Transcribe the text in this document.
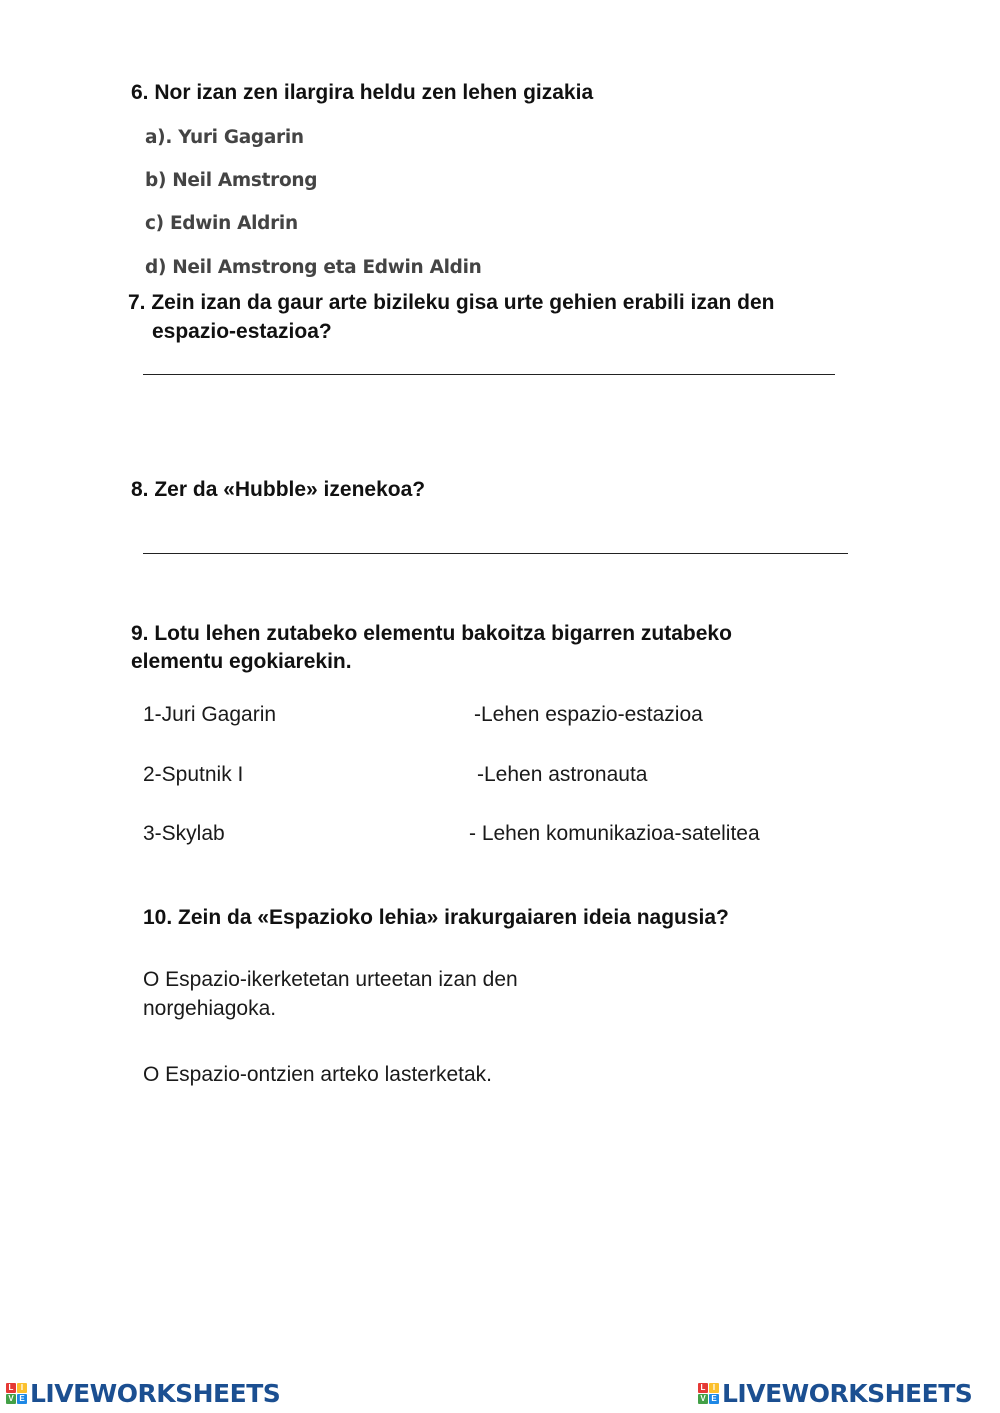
6. Nor izan zen ilargira heldu zen lehen gizakia
a). Yuri Gagarin
b) Neil Amstrong
c) Edwin Aldrin
d) Neil Amstrong eta Edwin Aldin
7. Zein izan da gaur arte bizileku gisa urte gehien erabili izan den
espazio-estazioa?
8. Zer da «Hubble» izenekoa?
9. Lotu lehen zutabeko elementu bakoitza bigarren zutabeko
elementu egokiarekin.
1-Juri Gagarin	-Lehen espazio-estazioa
2-Sputnik I	-Lehen astronauta
3-Skylab	- Lehen komunikazioa-satelitea
10. Zein da «Espazioko lehia» irakurgaiaren ideia nagusia?
O Espazio-ikerketetan urteetan izan den
norgehiagoka.
O Espazio-ontzien arteko lasterketak.
L I
V E LIVEWORKSHEETS	L I
V E LIVEWORKSHEETS
